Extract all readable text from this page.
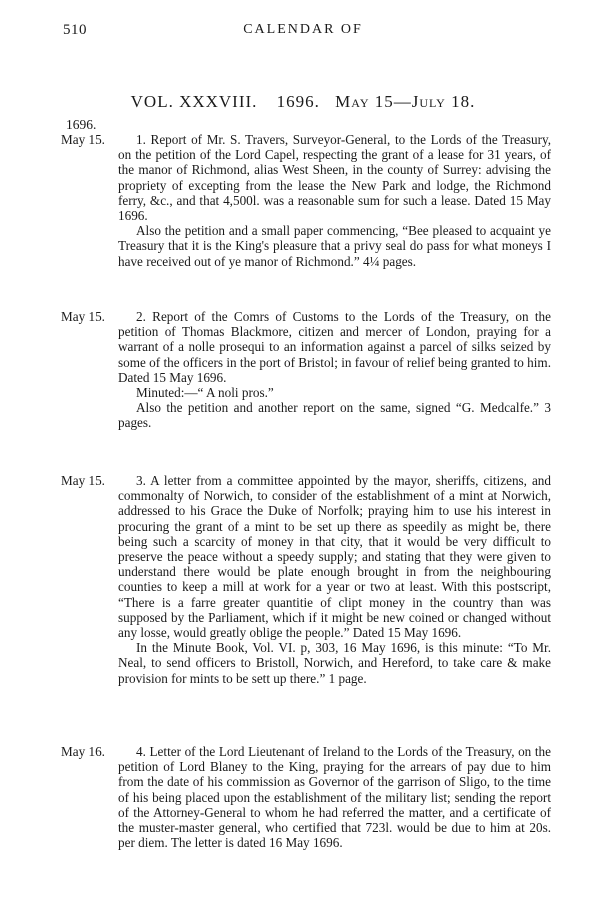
510	CALENDAR OF
VOL. XXXVIII. 1696. May 15—July 18.
1696.
May 15.	1. Report of Mr. S. Travers, Surveyor-General, to the Lords of the Treasury, on the petition of the Lord Capel, respecting the grant of a lease for 31 years, of the manor of Richmond, alias West Sheen, in the county of Surrey: advising the propriety of excepting from the lease the New Park and lodge, the Richmond ferry, &c., and that 4,500l. was a reasonable sum for such a lease. Dated 15 May 1696.

Also the petition and a small paper commencing, “Bee pleased to acquaint ye Treasury that it is the King's pleasure that a privy seal do pass for what moneys I have received out of ye manor of Richmond.” 4¼ pages.

May 15.	2. Report of the Comrs of Customs to the Lords of the Treasury, on the petition of Thomas Blackmore, citizen and mercer of London, praying for a warrant of a nolle prosequi to an information against a parcel of silks seized by some of the officers in the port of Bristol; in favour of relief being granted to him. Dated 15 May 1696.

Minuted:—“ A noli pros.”

Also the petition and another report on the same, signed “G. Medcalfe.” 3 pages.

May 15.	3. A letter from a committee appointed by the mayor, sheriffs, citizens, and commonalty of Norwich, to consider of the establishment of a mint at Norwich, addressed to his Grace the Duke of Norfolk; praying him to use his interest in procuring the grant of a mint to be set up there as speedily as might be, there being such a scarcity of money in that city, that it would be very difficult to preserve the peace without a speedy supply; and stating that they were given to understand there would be plate enough brought in from the neighbouring counties to keep a mill at work for a year or two at least. With this postscript, “There is a farre greater quantitie of clipt money in the country than was supposed by the Parliament, which if it might be new coined or changed without any losse, would greatly oblige the people.” Dated 15 May 1696.

In the Minute Book, Vol. VI. p, 303, 16 May 1696, is this minute: “To Mr. Neal, to send officers to Bristoll, Norwich, and Hereford, to take care & make provision for mints to be sett up there.” 1 page.

May 16.	4. Letter of the Lord Lieutenant of Ireland to the Lords of the Treasury, on the petition of Lord Blaney to the King, praying for the arrears of pay due to him from the date of his commission as Governor of the garrison of Sligo, to the time of his being placed upon the establishment of the military list; sending the report of the Attorney-General to whom he had referred the matter, and a certificate of the muster-master general, who certified that 723l. would be due to him at 20s. per diem. The letter is dated 16 May 1696.
